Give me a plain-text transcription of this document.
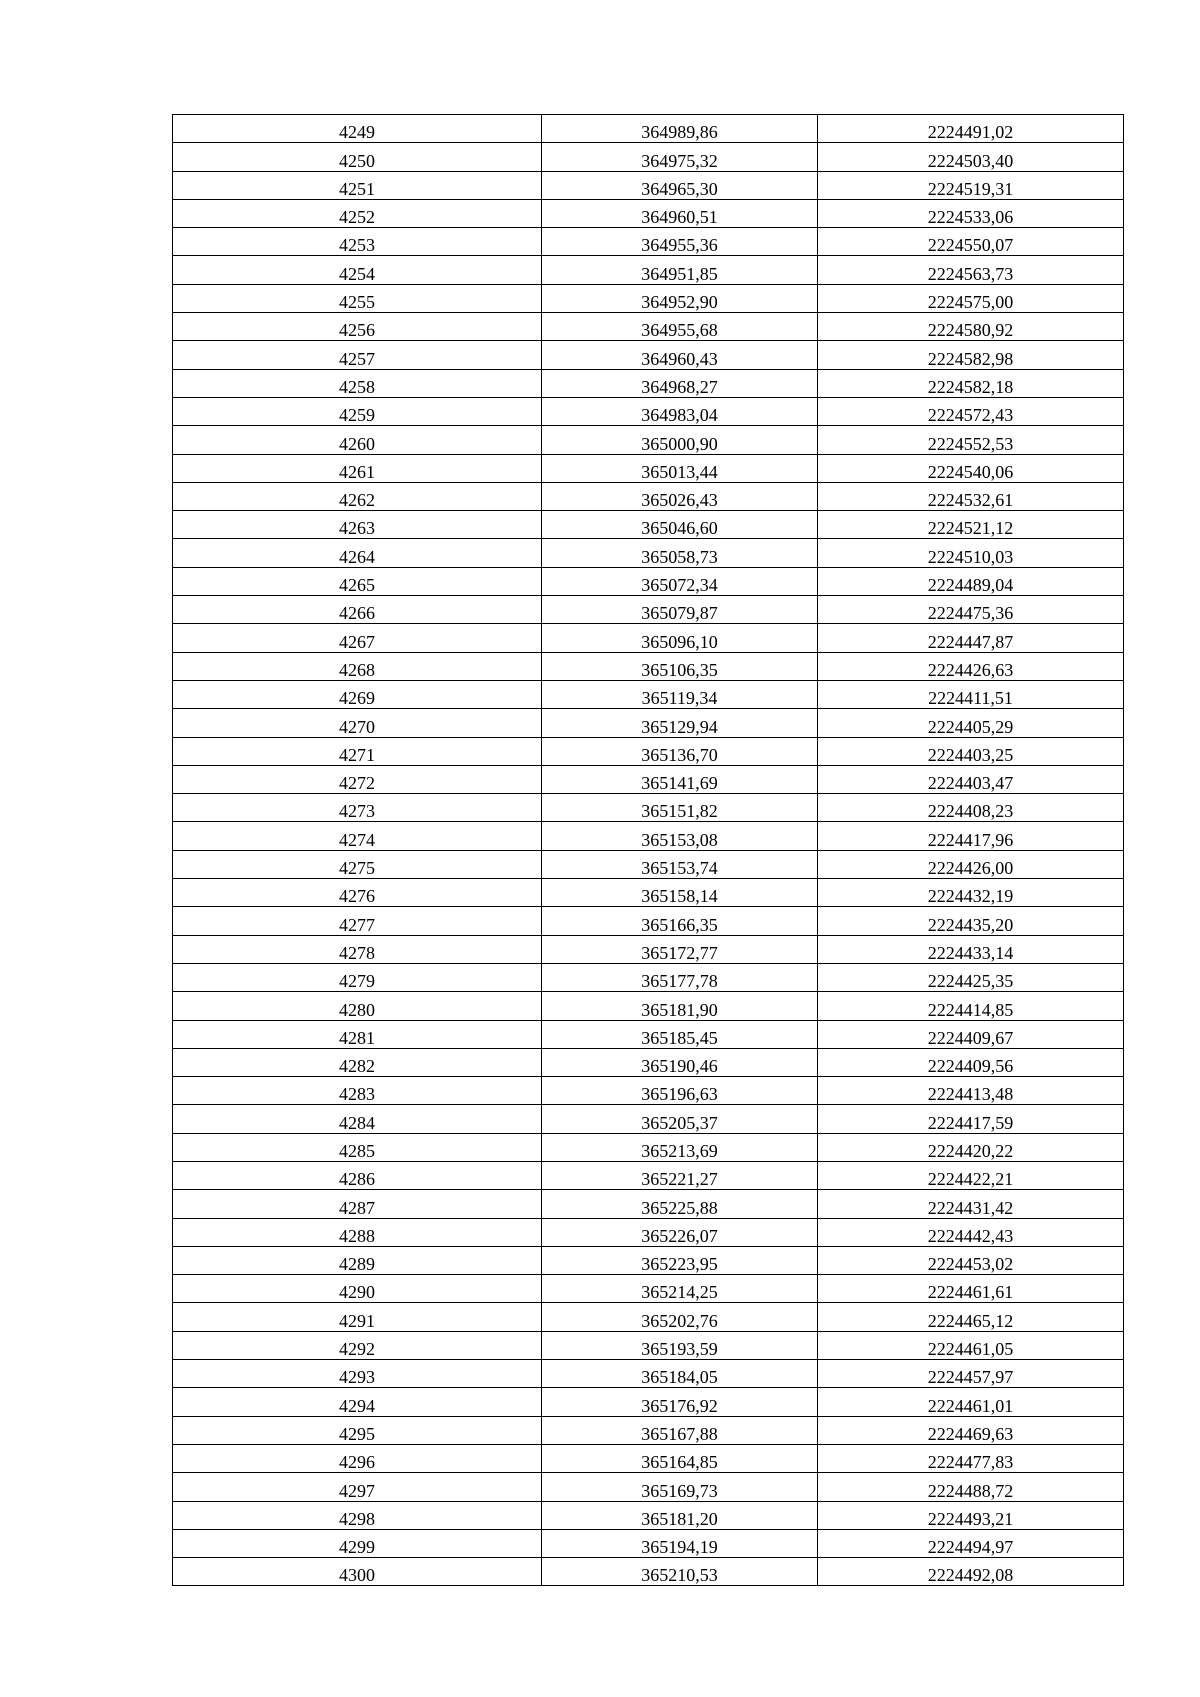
4249	364989,86	2224491,02
4250	364975,32	2224503,40
4251	364965,30	2224519,31
4252	364960,51	2224533,06
4253	364955,36	2224550,07
4254	364951,85	2224563,73
4255	364952,90	2224575,00
4256	364955,68	2224580,92
4257	364960,43	2224582,98
4258	364968,27	2224582,18
4259	364983,04	2224572,43
4260	365000,90	2224552,53
4261	365013,44	2224540,06
4262	365026,43	2224532,61
4263	365046,60	2224521,12
4264	365058,73	2224510,03
4265	365072,34	2224489,04
4266	365079,87	2224475,36
4267	365096,10	2224447,87
4268	365106,35	2224426,63
4269	365119,34	2224411,51
4270	365129,94	2224405,29
4271	365136,70	2224403,25
4272	365141,69	2224403,47
4273	365151,82	2224408,23
4274	365153,08	2224417,96
4275	365153,74	2224426,00
4276	365158,14	2224432,19
4277	365166,35	2224435,20
4278	365172,77	2224433,14
4279	365177,78	2224425,35
4280	365181,90	2224414,85
4281	365185,45	2224409,67
4282	365190,46	2224409,56
4283	365196,63	2224413,48
4284	365205,37	2224417,59
4285	365213,69	2224420,22
4286	365221,27	2224422,21
4287	365225,88	2224431,42
4288	365226,07	2224442,43
4289	365223,95	2224453,02
4290	365214,25	2224461,61
4291	365202,76	2224465,12
4292	365193,59	2224461,05
4293	365184,05	2224457,97
4294	365176,92	2224461,01
4295	365167,88	2224469,63
4296	365164,85	2224477,83
4297	365169,73	2224488,72
4298	365181,20	2224493,21
4299	365194,19	2224494,97
4300	365210,53	2224492,08
